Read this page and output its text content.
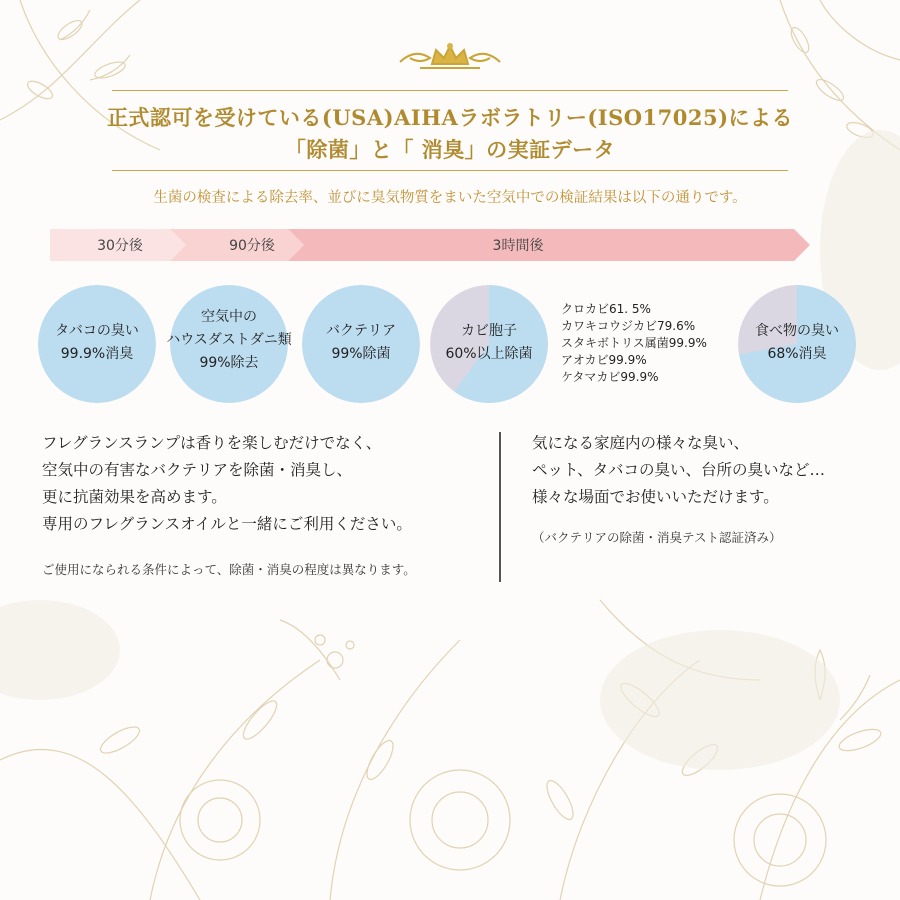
正式認可を受けている(USA)AIHAラボラトリー(ISO17025)による
「除菌」と「 消臭」の実証データ
生菌の検査による除去率、並びに臭気物質をまいた空気中での検証結果は以下の通りです。
30分後	90分後	3時間後
タバコの臭い
99.9%消臭
空気中の
ハウスダストダニ類
99%除去
バクテリア
99%除菌
カビ胞子
60%以上除菌
食べ物の臭い
68%消臭
クロカビ61. 5%
カワキコウジカビ79.6%
スタキボトリス属菌99.9%
アオカビ99.9%
ケタマカビ99.9%
フレグランスランプは香りを楽しむだけでなく、
空気中の有害なバクテリアを除菌・消臭し、
更に抗菌効果を高めます。
専用のフレグランスオイルと一緒にご利用ください。
ご使用になられる条件によって、除菌・消臭の程度は異なります。
気になる家庭内の様々な臭い、
ペット、タバコの臭い、台所の臭いなど…
様々な場面でお使いいただけます。
（バクテリアの除菌・消臭テスト認証済み）
